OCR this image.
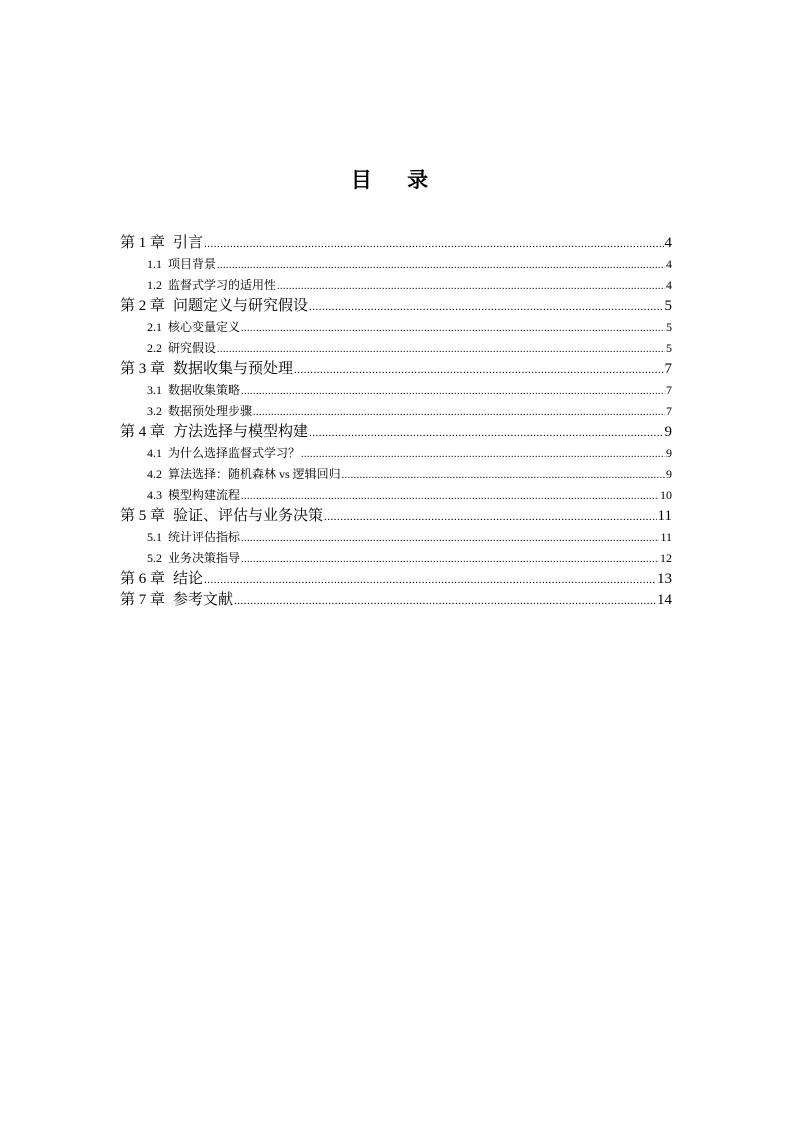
目 录
第 1 章 引言 .....	4
1.1 项目背景 .....	4
1.2 监督式学习的适用性 .....	4
第 2 章 问题定义与研究假设 .....	5
2.1 核心变量定义 .....	5
2.2 研究假设 .....	5
第 3 章 数据收集与预处理 .....	7
3.1 数据收集策略 .....	7
3.2 数据预处理步骤 .....	7
第 4 章 方法选择与模型构建 .....	9
4.1 为什么选择监督式学习？ .....	9
4.2 算法选择：随机森林 vs 逻辑回归 .....	9
4.3 模型构建流程 .....	10
第 5 章 验证、评估与业务决策 .....	11
5.1 统计评估指标 .....	11
5.2 业务决策指导 .....	12
第 6 章 结论 .....	13
第 7 章 参考文献 .....	14
